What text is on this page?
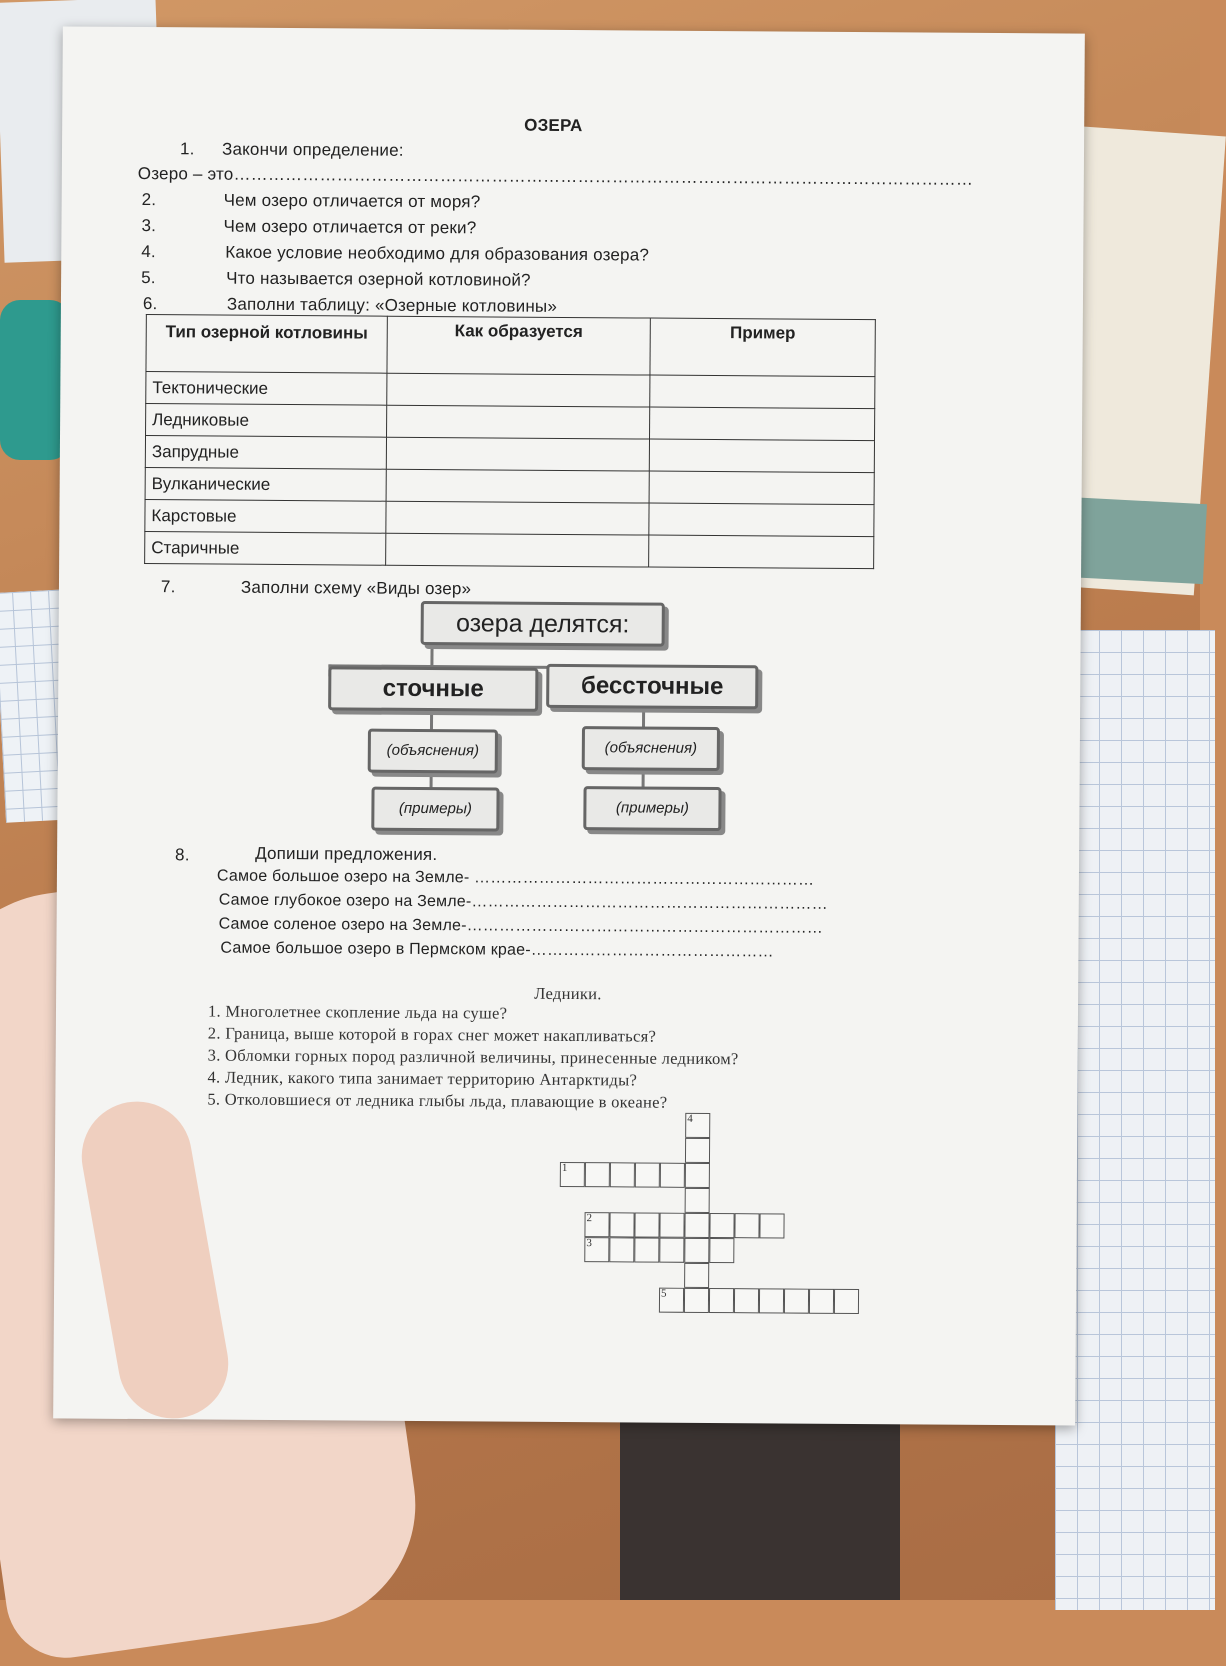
ОЗЕРА
1. Закончи определение:
Озеро – это…………………………………………………………………………………………………………………
2.	Чем озеро отличается от моря?
3.	Чем озеро отличается от реки?
4.	Какое условие необходимо для образования озера?
5.	Что называется озерной котловиной?
6.	Заполни таблицу: «Озерные котловины»
Тип озерной котловины	Как образуется	Пример
Тектонические		
Ледниковые		
Запрудные		
Вулканические		
Карстовые		
Старичные		
7.	Заполни схему «Виды озер»
озера делятся:
сточные	бессточные
(объяснения)	(объяснения)
(примеры)	(примеры)
8.	Допиши предложения.
Самое большое озеро на Земле- ………………………………………………………
Самое глубокое озеро на Земле-…………………………………………………………
Самое соленое озеро на Земле-…………………………………………………………
Самое большое озеро в Пермском крае-………………………………………
Ледники.
1. Многолетнее скопление льда на суше?
2. Граница, выше которой в горах снег может накапливаться?
3. Обломки горных пород различной величины, принесенные ледником?
4. Ледник, какого типа занимает территорию Антарктиды?
5. Отколовшиеся от ледника глыбы льда, плавающие в океане?
4
1
2
3
5
